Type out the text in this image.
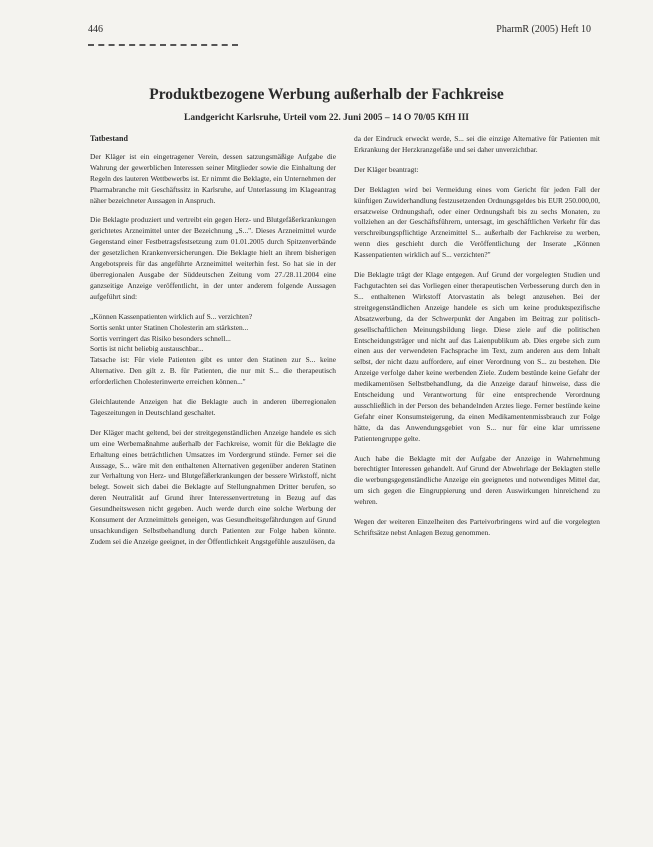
446	PharmR (2005) Heft 10
Produktbezogene Werbung außerhalb der Fachkreise
Landgericht Karlsruhe, Urteil vom 22. Juni 2005 – 14 O 70/05 KfH III
Tatbestand

Der Kläger ist ein eingetragener Verein, dessen satzungsmäßige Aufgabe die Wahrung der gewerblichen Interessen seiner Mitglieder sowie die Einhaltung der Regeln des lauteren Wettbewerbs ist. Er nimmt die Beklagte, ein Unternehmen der Pharmabranche mit Geschäftssitz in Karlsruhe, auf Unterlassung im Klageantrag näher bezeichneter Aussagen in Anspruch.

Die Beklagte produziert und vertreibt ein gegen Herz- und Blutgefäßerkrankungen gerichtetes Arzneimittel unter der Bezeichnung „S...". Dieses Arzneimittel wurde Gegenstand einer Festbetragsfestsetzung zum 01.01.2005 durch Spitzenverbände der gesetzlichen Krankenversicherungen. Die Beklagte hielt an ihrem bisherigen Angebotspreis für das angeführte Arzneimittel weiterhin fest. So hat sie in der überregionalen Ausgabe der Süddeutschen Zeitung vom 27./28.11.2004 eine ganzseitige Anzeige veröffentlicht, in der unter anderem folgende Aussagen aufgeführt sind:

„Können Kassenpatienten wirklich auf S... verzichten?

Sortis senkt unter Statinen Cholesterin am stärksten...

Sortis verringert das Risiko besonders schnell...

Sortis ist nicht beliebig austauschbar...

Tatsache ist: Für viele Patienten gibt es unter den Statinen zur S... keine Alternative. Den gilt z. B. für Patienten, die nur mit S... die therapeutisch erforderlichen Cholesterinwerte erreichen können..."

Gleichlautende Anzeigen hat die Beklagte auch in anderen überregionalen Tageszeitungen in Deutschland geschaltet.

Der Kläger macht geltend, bei der streitgegenständlichen Anzeige handele es sich um eine Werbemaßnahme außerhalb der Fachkreise, womit für die Beklagte die Erhaltung eines beträchtlichen Umsatzes im Vordergrund stünde. Ferner sei die Aussage, S... wäre mit den enthaltenen Alternativen gegenüber anderen Statinen zur Verhaltung von Herz- und Blutgefäßerkrankungen der bessere Wirkstoff, nicht belegt. Soweit sich dabei die Beklagte auf Stellungnahmen Dritter berufen, so deren Neutralität auf Grund ihrer Interessenvertretung in Bezug auf das Gesundheitswesen nicht gegeben. Auch werde durch eine solche Werbung der Konsument der Arzneimittels geneigen, was Gesundheitsgefährdungen auf Grund unsachkundigen Selbstbehandlung durch Patienten zur Folge haben könnte. Zudem sei die Anzeige geeignet, in der Öffentlichkeit Angstgefühle auszulösen, da

da der Eindruck erweckt werde, S... sei die einzige Alternative für Patienten mit Erkrankung der Herzkranzgefäße und sei daher unverzichtbar.

Der Kläger beantragt:

Der Beklagten wird bei Vermeidung eines vom Gericht für jeden Fall der künftigen Zuwiderhandlung festzusetzenden Ordnungsgeldes bis EUR 250.000,00, ersatzweise Ordnungshaft, oder einer Ordnungshaft bis zu sechs Monaten, zu vollziehen an der Geschäftsführern, untersagt, im geschäftlichen Verkehr für das verschreibungspflichtige Arzneimittel S... außerhalb der Fachkreise zu werben, wenn dies geschieht durch die Veröffentlichung der Inserate „Können Kassenpatienten wirklich auf S... verzichten?"

Die Beklagte trägt der Klage entgegen. Auf Grund der vorgelegten Studien und Fachgutachten sei das Vorliegen einer therapeutischen Verbesserung durch den in S... enthaltenen Wirkstoff Atorvastatin als belegt anzusehen. Bei der streitgegenständlichen Anzeige handele es sich um keine produktspezifische Absatzwerbung, da der Schwerpunkt der Angaben im Beitrag zur politisch-gesellschaftlichen Meinungsbildung liege. Diese ziele auf die politischen Entscheidungsträger und nicht auf das Laienpublikum ab. Dies ergebe sich zum einen aus der verwendeten Fachsprache im Text, zum anderen aus dem Inhalt selbst, der nicht dazu auffordere, auf einer Verordnung von S... zu bestehen. Die Anzeige verfolge daher keine werbenden Ziele. Zudem bestünde keine Gefahr der medikamentösen Selbstbehandlung, da die Anzeige darauf hinweise, dass die Entscheidung und Verantwortung für eine entsprechende Verordnung ausschließlich in der Person des behandelnden Arztes liege. Ferner bestünde keine Gefahr einer Konsumsteigerung, da einen Medikamentenmissbrauch zur Folge hätte, da das Anwendungsgebiet von S... nur für eine klar umrissene Patientengruppe gelte.

Auch habe die Beklagte mit der Aufgabe der Anzeige in Wahrnehmung berechtigter Interessen gehandelt. Auf Grund der Abwehrlage der Beklagten stelle die werbungsgegenständliche Anzeige ein geeignetes und notwendiges Mittel dar, um sich gegen die Eingruppierung und deren Auswirkungen hinreichend zu wehren.

Wegen der weiteren Einzelheiten des Parteivorbringens wird auf die vorgelegten Schriftsätze nebst Anlagen Bezug genommen.
